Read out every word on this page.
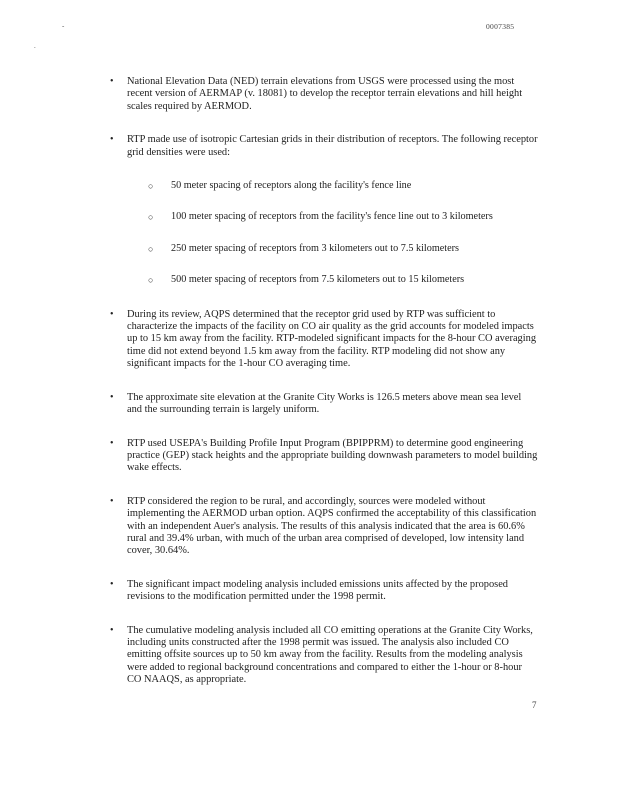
-
.
0007385
• National Elevation Data (NED) terrain elevations from USGS were processed using the most recent version of AERMAP (v. 18081) to develop the receptor terrain elevations and hill height scales required by AERMOD.
• RTP made use of isotropic Cartesian grids in their distribution of receptors. The following receptor grid densities were used:
○ 50 meter spacing of receptors along the facility's fence line
○ 100 meter spacing of receptors from the facility's fence line out to 3 kilometers
○ 250 meter spacing of receptors from 3 kilometers out to 7.5 kilometers
○ 500 meter spacing of receptors from 7.5 kilometers out to 15 kilometers
• During its review, AQPS determined that the receptor grid used by RTP was sufficient to characterize the impacts of the facility on CO air quality as the grid accounts for modeled impacts up to 15 km away from the facility. RTP-modeled significant impacts for the 8-hour CO averaging time did not extend beyond 1.5 km away from the facility. RTP modeling did not show any significant impacts for the 1-hour CO averaging time.
• The approximate site elevation at the Granite City Works is 126.5 meters above mean sea level and the surrounding terrain is largely uniform.
• RTP used USEPA's Building Profile Input Program (BPIPPRM) to determine good engineering practice (GEP) stack heights and the appropriate building downwash parameters to model building wake effects.
• RTP considered the region to be rural, and accordingly, sources were modeled without implementing the AERMOD urban option. AQPS confirmed the acceptability of this classification with an independent Auer's analysis. The results of this analysis indicated that the area is 60.6% rural and 39.4% urban, with much of the urban area comprised of developed, low intensity land cover, 30.64%.
• The significant impact modeling analysis included emissions units affected by the proposed revisions to the modification permitted under the 1998 permit.
• The cumulative modeling analysis included all CO emitting operations at the Granite City Works, including units constructed after the 1998 permit was issued. The analysis also included CO emitting offsite sources up to 50 km away from the facility. Results from the modeling analysis were added to regional background concentrations and compared to either the 1-hour or 8-hour CO NAAQS, as appropriate.
7
